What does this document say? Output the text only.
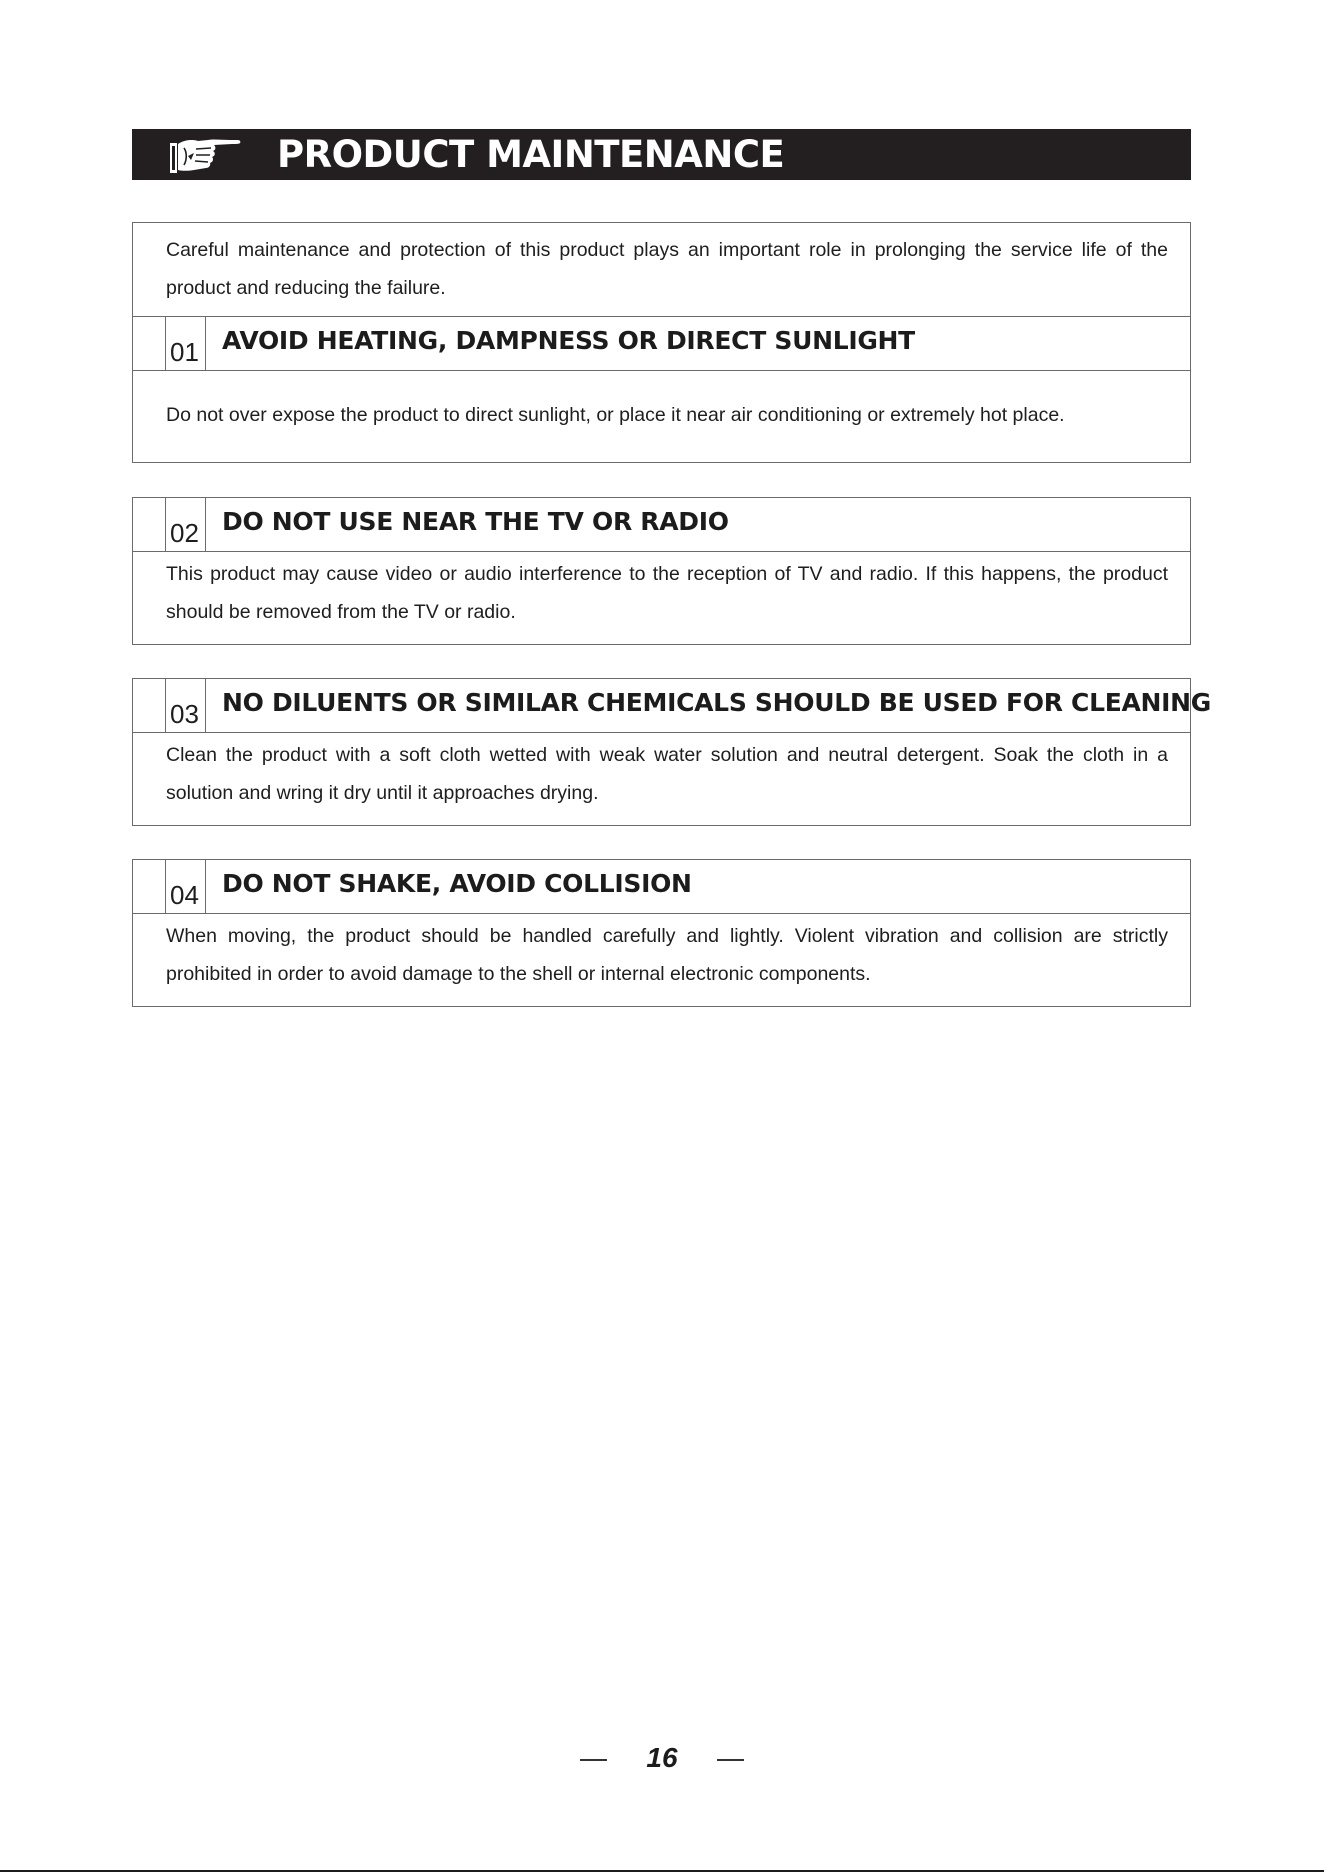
PRODUCT MAINTENANCE
Careful maintenance and protection of this product plays an important role in prolonging the service life of the product and reducing the failure.
01 AVOID HEATING, DAMPNESS OR DIRECT SUNLIGHT
Do not over expose the product to direct sunlight, or place it near air conditioning or extremely hot place.
02 DO NOT USE NEAR THE TV OR RADIO
This product may cause video or audio interference to the reception of TV and radio. If this happens, the product should be removed from the TV or radio.
03 NO DILUENTS OR SIMILAR CHEMICALS SHOULD BE USED FOR CLEANING
Clean the product with a soft cloth wetted with weak water solution and neutral detergent. Soak the cloth in a solution and wring it dry until it approaches drying.
04 DO NOT SHAKE, AVOID COLLISION
When moving, the product should be handled carefully and lightly. Violent vibration and collision are strictly prohibited in order to avoid damage to the shell or internal electronic components.
16
